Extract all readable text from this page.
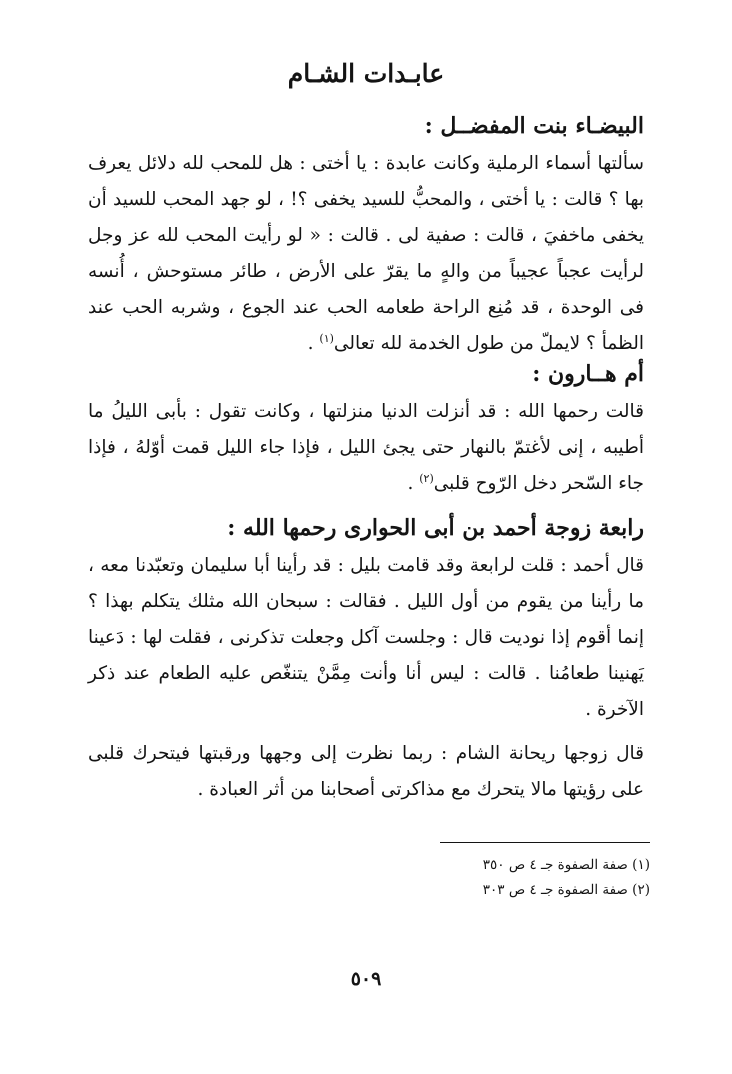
عابـدات الشـام
البيضـاء بنت المفضــل :

سألتها أسماء الرملية وكانت عابدة : يا أختى : هل للمحب لله دلائل يعرف بها ؟ قالت : يا أختى ، والمحبُّ للسيد يخفى ؟! ، لو جهد المحب للسيد أن يخفى ماخفيَ ، قالت : صفية لى . قالت : « لو رأيت المحب لله عز وجل لرأيت عجباً عجيباً من والهٍ ما يقرّ على الأرض ، طائر مستوحش ، أُنسه فى الوحدة ، قد مُنِع الراحة طعامه الحب عند الجوع ، وشربه الحب عند الظمأ ؟ لايملّ من طول الخدمة لله تعالى$^{(١)}$ .

أم هــارون :

قالت رحمها الله : قد أنزلت الدنيا منزلتها ، وكانت تقول : بأبى الليلُ ما أطيبه ، إنى لأغتمّ بالنهار حتى يجئ الليل ، فإذا جاء الليل قمت أوّلهُ ، فإذا جاء السّحر دخل الرّوح قلبى$^{(٢)}$ .

رابعة زوجة أحمد بن أبى الحوارى رحمها الله :

قال أحمد : قلت لرابعة وقد قامت بليل : قد رأينا أبا سليمان وتعبّدنا معه ، ما رأينا من يقوم من أول الليل . فقالت : سبحان الله مثلك يتكلم بهذا ؟ إنما أقوم إذا نوديت قال : وجلست آكل وجعلت تذكرنى ، فقلت لها : دَعينا يَهنينا طعامُنا . قالت : ليس أنا وأنت مِمَّنْ يتنغّص عليه الطعام عند ذكر الآخرة .

قال زوجها ريحانة الشام : ربما نظرت إلى وجهها ورقبتها فيتحرك قلبى على رؤيتها مالا يتحرك مع مذاكرتى أصحابنا من أثر العبادة .

(١) صفة الصفوة جـ ٤ ص ٣٥٠
(٢) صفة الصفوة جـ ٤ ص ٣٠٣
٥٠٩
